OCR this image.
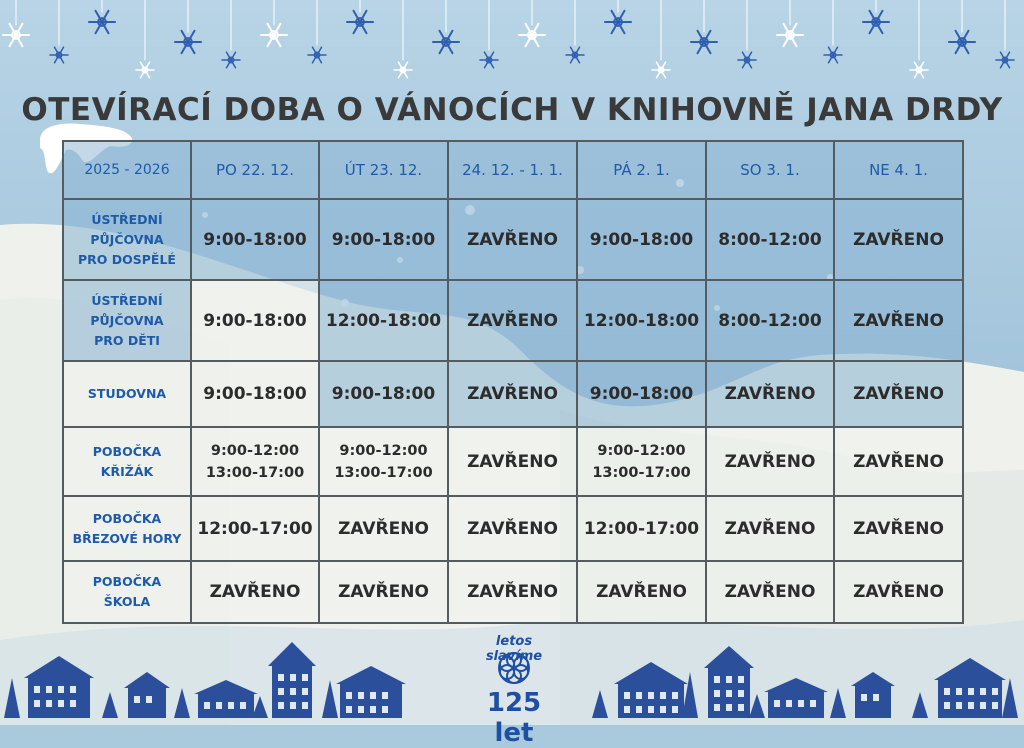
OTEVÍRACÍ DOBA O VÁNOCÍCH V KNIHOVNĚ JANA DRDY
2025 - 2026	PO 22. 12.	ÚT 23. 12.	24. 12. - 1. 1.	PÁ 2. 1.	SO 3. 1.	NE 4. 1.

ÚSTŘEDNÍ
PŮJČOVNA
PRO DOSPĚLÉ	9:00-18:00	9:00-18:00	ZAVŘENO	9:00-18:00	8:00-12:00	ZAVŘENO

ÚSTŘEDNÍ
PŮJČOVNA
PRO DĚTI	9:00-18:00	12:00-18:00	ZAVŘENO	12:00-18:00	8:00-12:00	ZAVŘENO

STUDOVNA	9:00-18:00	9:00-18:00	ZAVŘENO	9:00-18:00	ZAVŘENO	ZAVŘENO

POBOČKA
KŘIŽÁK	9:00-12:00
13:00-17:00	9:00-12:00
13:00-17:00	ZAVŘENO	9:00-12:00
13:00-17:00	ZAVŘENO	ZAVŘENO

POBOČKA
BŘEZOVÉ HORY	12:00-17:00	ZAVŘENO	ZAVŘENO	12:00-17:00	ZAVŘENO	ZAVŘENO

POBOČKA
ŠKOLA	ZAVŘENO	ZAVŘENO	ZAVŘENO	ZAVŘENO	ZAVŘENO	ZAVŘENO
letos slavíme
125 let
